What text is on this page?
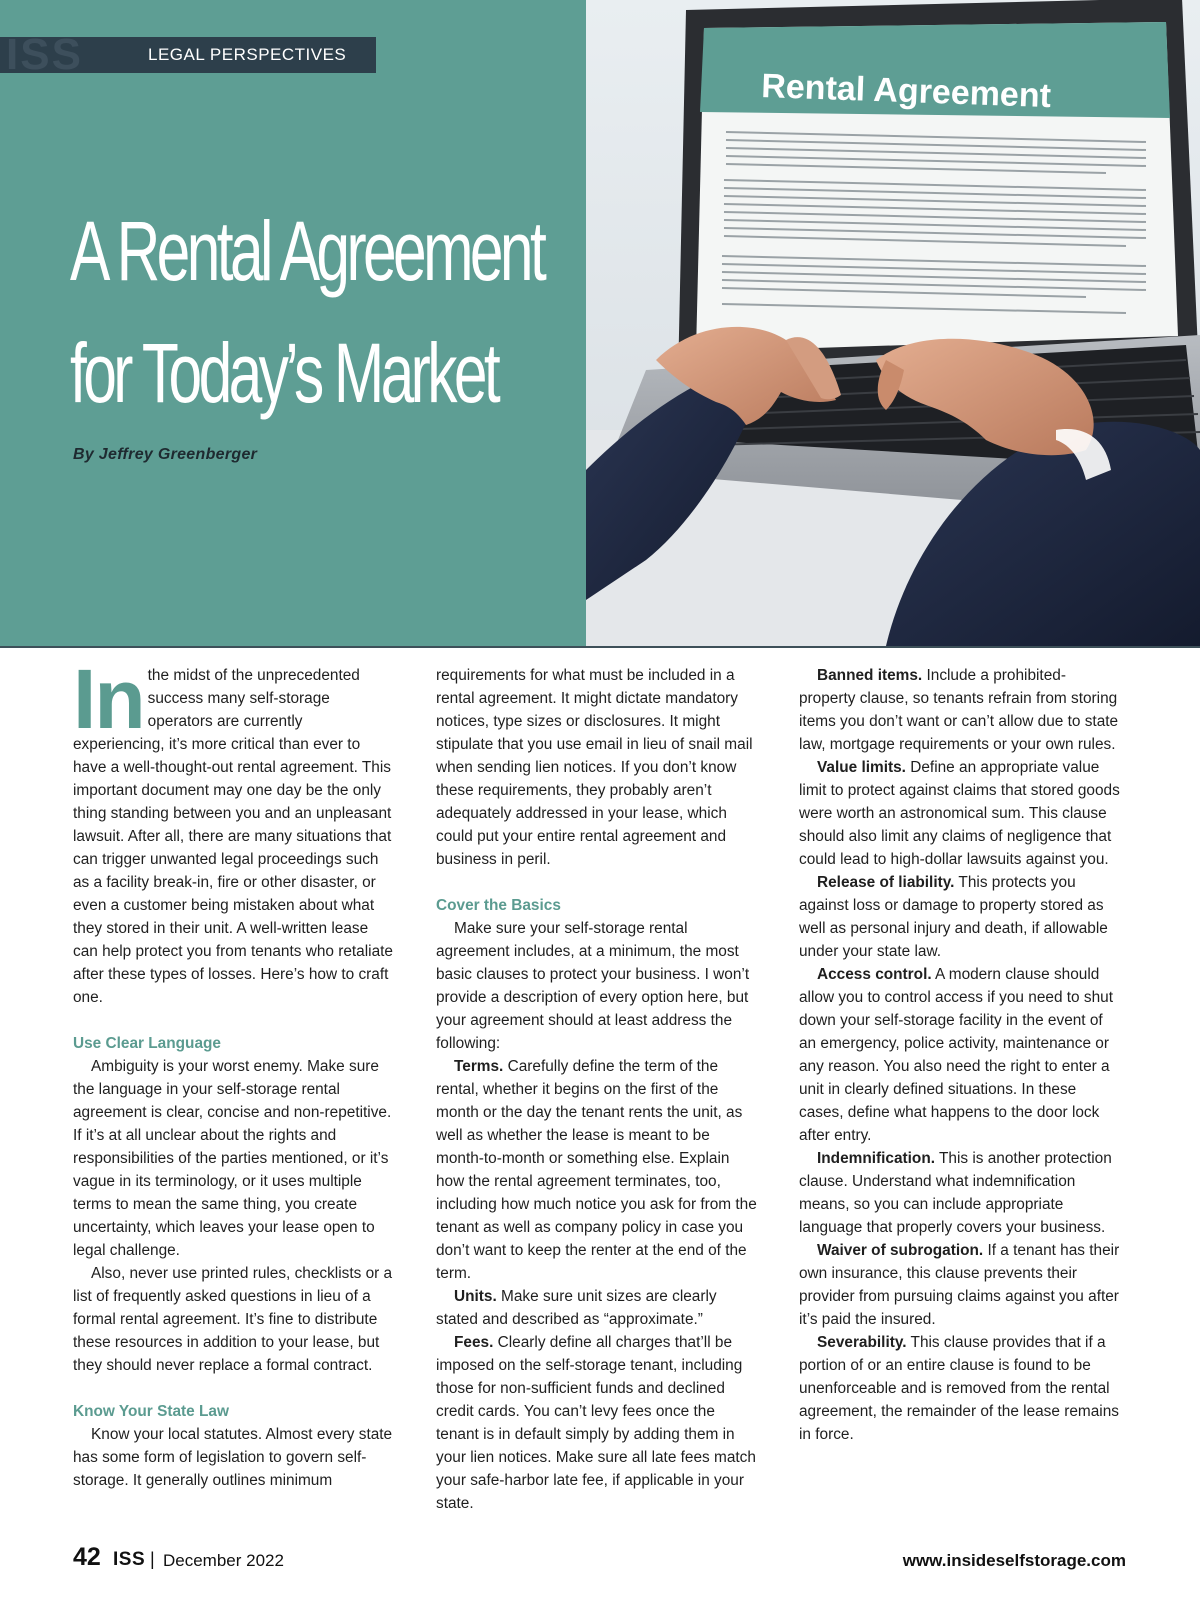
ISS	LEGAL PERSPECTIVES
A Rental Agreement
for Today’s Market
By Jeffrey Greenberger
Rental Agreement

In the midst of the unprecedented success many self-storage operators are currently experiencing, it’s more critical than ever to have a well-thought-out rental agreement. This important document may one day be the only thing standing between you and an unpleasant lawsuit. After all, there are many situations that can trigger unwanted legal proceedings such as a facility break-in, fire or other disaster, or even a customer being mistaken about what they stored in their unit. A well-written lease can help protect you from tenants who retaliate after these types of losses. Here’s how to craft one.

Use Clear Language

Ambiguity is your worst enemy. Make sure the language in your self-storage rental agreement is clear, concise and non-repetitive. If it’s at all unclear about the rights and responsibilities of the parties mentioned, or it’s vague in its terminology, or it uses multiple terms to mean the same thing, you create uncertainty, which leaves your lease open to legal challenge.

Also, never use printed rules, checklists or a list of frequently asked questions in lieu of a formal rental agreement. It’s fine to distribute these resources in addition to your lease, but they should never replace a formal contract.

Know Your State Law

Know your local statutes. Almost every state has some form of legislation to govern self-storage. It generally outlines minimum

requirements for what must be included in a rental agreement. It might dictate mandatory notices, type sizes or disclosures. It might stipulate that you use email in lieu of snail mail when sending lien notices. If you don’t know these requirements, they probably aren’t adequately addressed in your lease, which could put your entire rental agreement and business in peril.

Cover the Basics

Make sure your self-storage rental agreement includes, at a minimum, the most basic clauses to protect your business. I won’t provide a description of every option here, but your agreement should at least address the following:

Terms. Carefully define the term of the rental, whether it begins on the first of the month or the day the tenant rents the unit, as well as whether the lease is meant to be month-to-month or something else. Explain how the rental agreement terminates, too, including how much notice you ask for from the tenant as well as company policy in case you don’t want to keep the renter at the end of the term.

Units. Make sure unit sizes are clearly stated and described as “approximate.”

Fees. Clearly define all charges that’ll be imposed on the self-storage tenant, including those for non-sufficient funds and declined credit cards. You can’t levy fees once the tenant is in default simply by adding them in your lien notices. Make sure all late fees match your safe-harbor late fee, if applicable in your state.

Banned items. Include a prohibited-property clause, so tenants refrain from storing items you don’t want or can’t allow due to state law, mortgage requirements or your own rules.

Value limits. Define an appropriate value limit to protect against claims that stored goods were worth an astronomical sum. This clause should also limit any claims of negligence that could lead to high-dollar lawsuits against you.

Release of liability. This protects you against loss or damage to property stored as well as personal injury and death, if allowable under your state law.

Access control. A modern clause should allow you to control access if you need to shut down your self-storage facility in the event of an emergency, police activity, maintenance or any reason. You also need the right to enter a unit in clearly defined situations. In these cases, define what happens to the door lock after entry.

Indemnification. This is another protection clause. Understand what indemnification means, so you can include appropriate language that properly covers your business.

Waiver of subrogation. If a tenant has their own insurance, this clause prevents their provider from pursuing claims against you after it’s paid the insured.

Severability. This clause provides that if a portion of or an entire clause is found to be unenforceable and is removed from the rental agreement, the remainder of the lease remains in force.

42 ISS | December 2022	www.insideselfstorage.com
